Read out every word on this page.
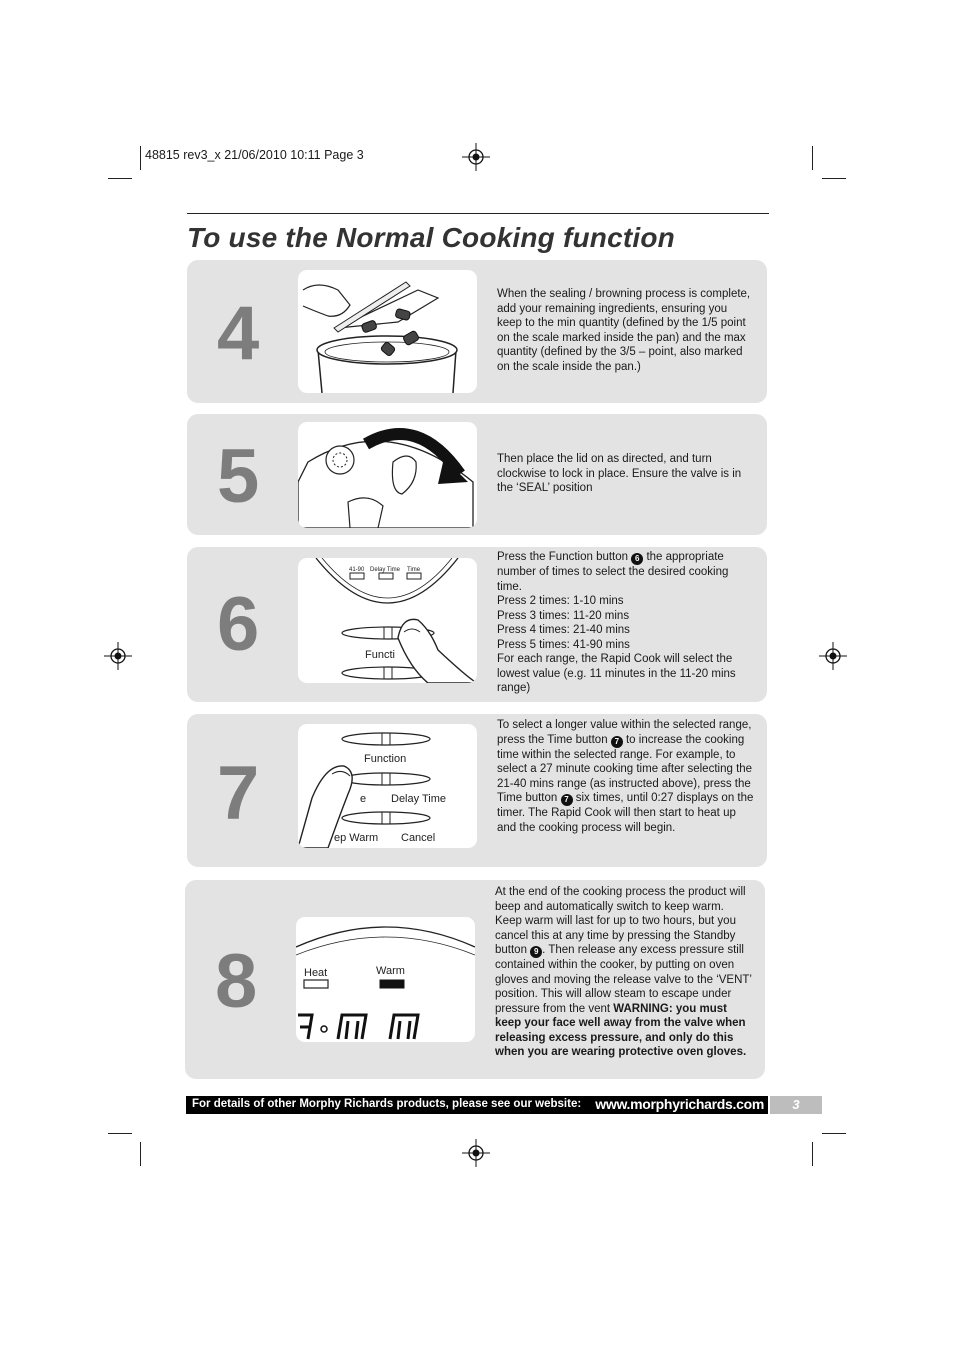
48815 rev3_x 21/06/2010 10:11 Page 3
To use the Normal Cooking function
4	When the sealing / browning process is complete, add your remaining ingredients, ensuring you keep to the min quantity (defined by the 1/5 point on the scale marked inside the pan) and the max quantity (defined by the 3/5 – point, also marked on the scale inside the pan.)
5	Then place the lid on as directed, and turn clockwise to lock in place. Ensure the valve is in the ‘SEAL’ position
6
41-90 Delay Time Time
Functi

Press the Function button 6 the appropriate number of times to select the desired cooking time.

Press 2 times: 1-10 mins

Press 3 times: 11-20 mins

Press 4 times: 21-40 mins

Press 5 times: 41-90 mins

For each range, the Rapid Cook will select the lowest value (e.g. 11 minutes in the 11-20 mins range)

7	Function
e Delay Time
ep Warm Cancel

To select a longer value within the selected range, press the Time button 7 to increase the cooking time within the selected range. For example, to select a 27 minute cooking time after selecting the 21-40 mins range (as instructed above), press the Time button 7 six times, until 0:27 displays on the timer. The Rapid Cook will then start to heat up and the cooking process will begin.

8	Heat	Warm

At the end of the cooking process the product will beep and automatically switch to keep warm. Keep warm will last for up to two hours, but you cancel this at any time by pressing the Standby button 9 . Then release any excess pressure still contained within the cooker, by putting on oven gloves and moving the release valve to the ‘VENT’ position. This will allow steam to escape under pressure from the vent WARNING: you must keep your face well away from the valve when releasing excess pressure, and only do this when you are wearing protective oven gloves.

For details of other Morphy Richards products, please see our website: www.morphyrichards.com	3
